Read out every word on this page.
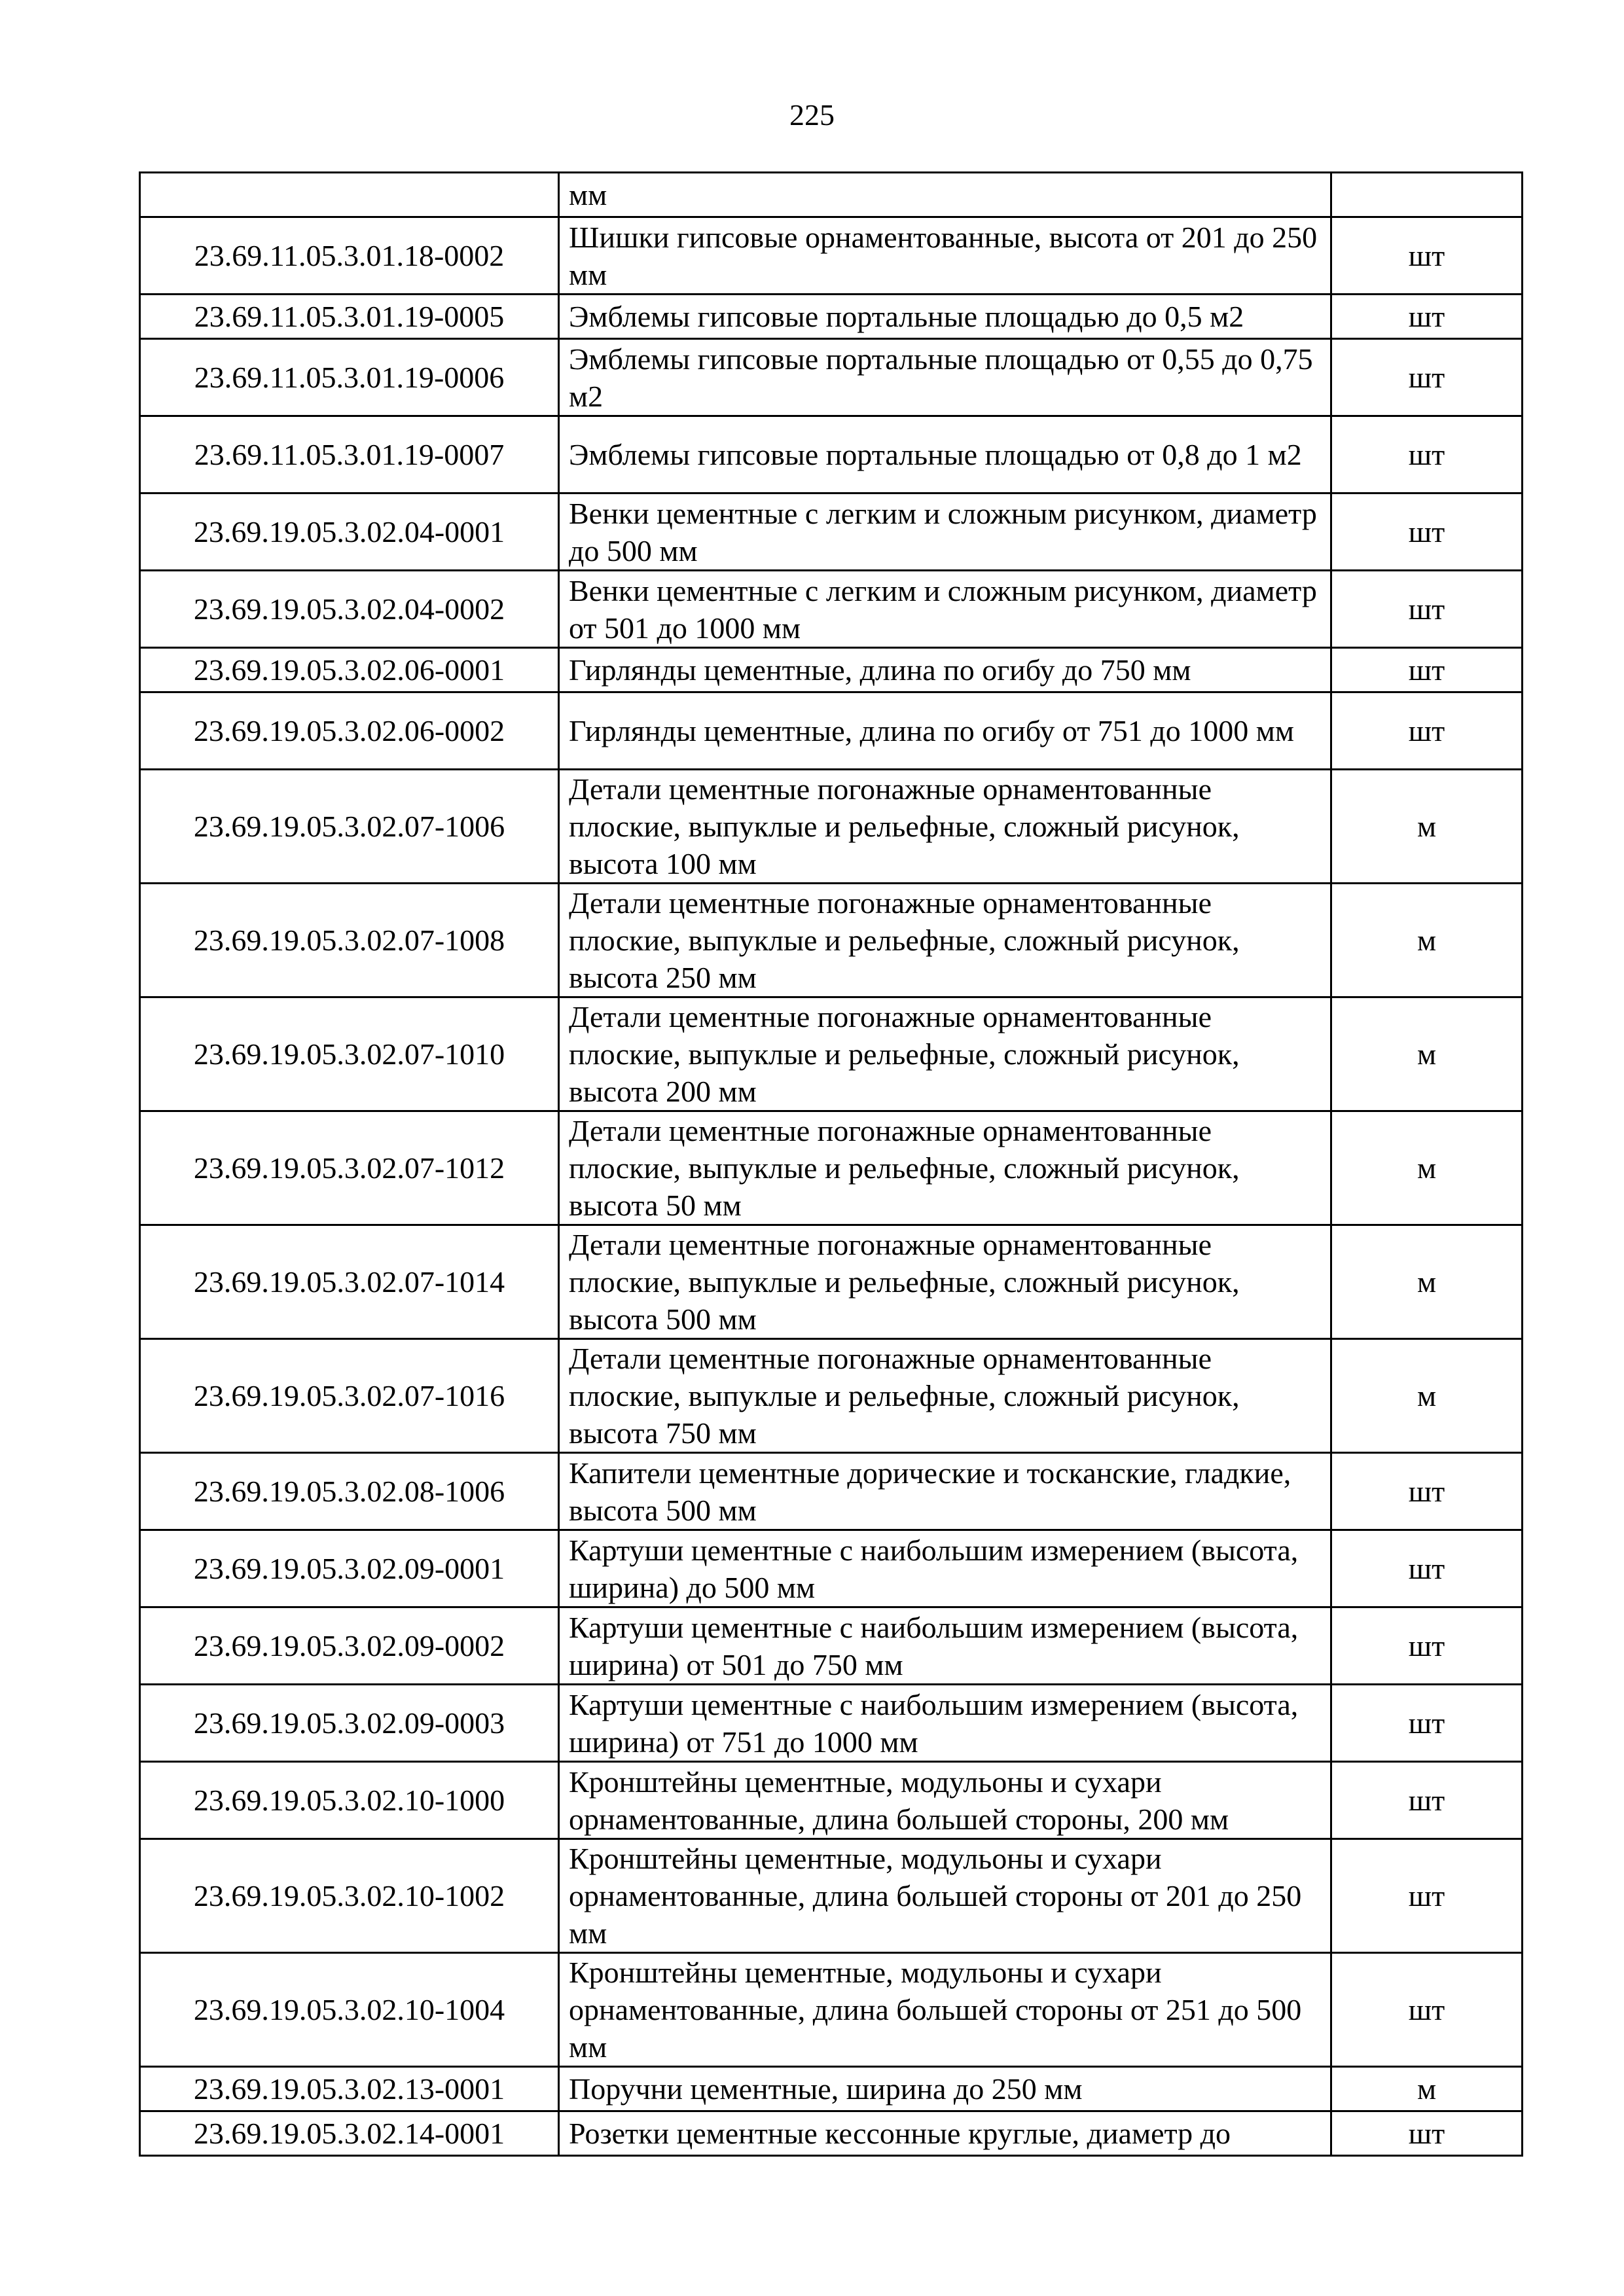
225
	мм	
23.69.11.05.3.01.18-0002	Шишки гипсовые орнаментованные, высота от 201 до 250 мм	шт
23.69.11.05.3.01.19-0005	Эмблемы гипсовые портальные площадью до 0,5 м2	шт
23.69.11.05.3.01.19-0006	Эмблемы гипсовые портальные площадью от 0,55 до 0,75 м2	шт
23.69.11.05.3.01.19-0007	Эмблемы гипсовые портальные площадью от 0,8 до 1 м2	шт
23.69.19.05.3.02.04-0001	Венки цементные с легким и сложным рисунком, диаметр до 500 мм	шт
23.69.19.05.3.02.04-0002	Венки цементные с легким и сложным рисунком, диаметр от 501 до 1000 мм	шт
23.69.19.05.3.02.06-0001	Гирлянды цементные, длина по огибу до 750 мм	шт
23.69.19.05.3.02.06-0002	Гирлянды цементные, длина по огибу от 751 до 1000 мм	шт
23.69.19.05.3.02.07-1006	Детали цементные погонажные орнаментованные плоские, выпуклые и рельефные, сложный рисунок, высота 100 мм	м
23.69.19.05.3.02.07-1008	Детали цементные погонажные орнаментованные плоские, выпуклые и рельефные, сложный рисунок, высота 250 мм	м
23.69.19.05.3.02.07-1010	Детали цементные погонажные орнаментованные плоские, выпуклые и рельефные, сложный рисунок, высота 200 мм	м
23.69.19.05.3.02.07-1012	Детали цементные погонажные орнаментованные плоские, выпуклые и рельефные, сложный рисунок, высота 50 мм	м
23.69.19.05.3.02.07-1014	Детали цементные погонажные орнаментованные плоские, выпуклые и рельефные, сложный рисунок, высота 500 мм	м
23.69.19.05.3.02.07-1016	Детали цементные погонажные орнаментованные плоские, выпуклые и рельефные, сложный рисунок, высота 750 мм	м
23.69.19.05.3.02.08-1006	Капители цементные дорические и тосканские, гладкие, высота 500 мм	шт
23.69.19.05.3.02.09-0001	Картуши цементные с наибольшим измерением (высота, ширина) до 500 мм	шт
23.69.19.05.3.02.09-0002	Картуши цементные с наибольшим измерением (высота, ширина) от 501 до 750 мм	шт
23.69.19.05.3.02.09-0003	Картуши цементные с наибольшим измерением (высота, ширина) от 751 до 1000 мм	шт
23.69.19.05.3.02.10-1000	Кронштейны цементные, модульоны и сухари орнаментованные, длина большей стороны, 200 мм	шт
23.69.19.05.3.02.10-1002	Кронштейны цементные, модульоны и сухари орнаментованные, длина большей стороны от 201 до 250 мм	шт
23.69.19.05.3.02.10-1004	Кронштейны цементные, модульоны и сухари орнаментованные, длина большей стороны от 251 до 500 мм	шт
23.69.19.05.3.02.13-0001	Поручни цементные, ширина до 250 мм	м
23.69.19.05.3.02.14-0001	Розетки цементные кессонные круглые, диаметр до	шт
